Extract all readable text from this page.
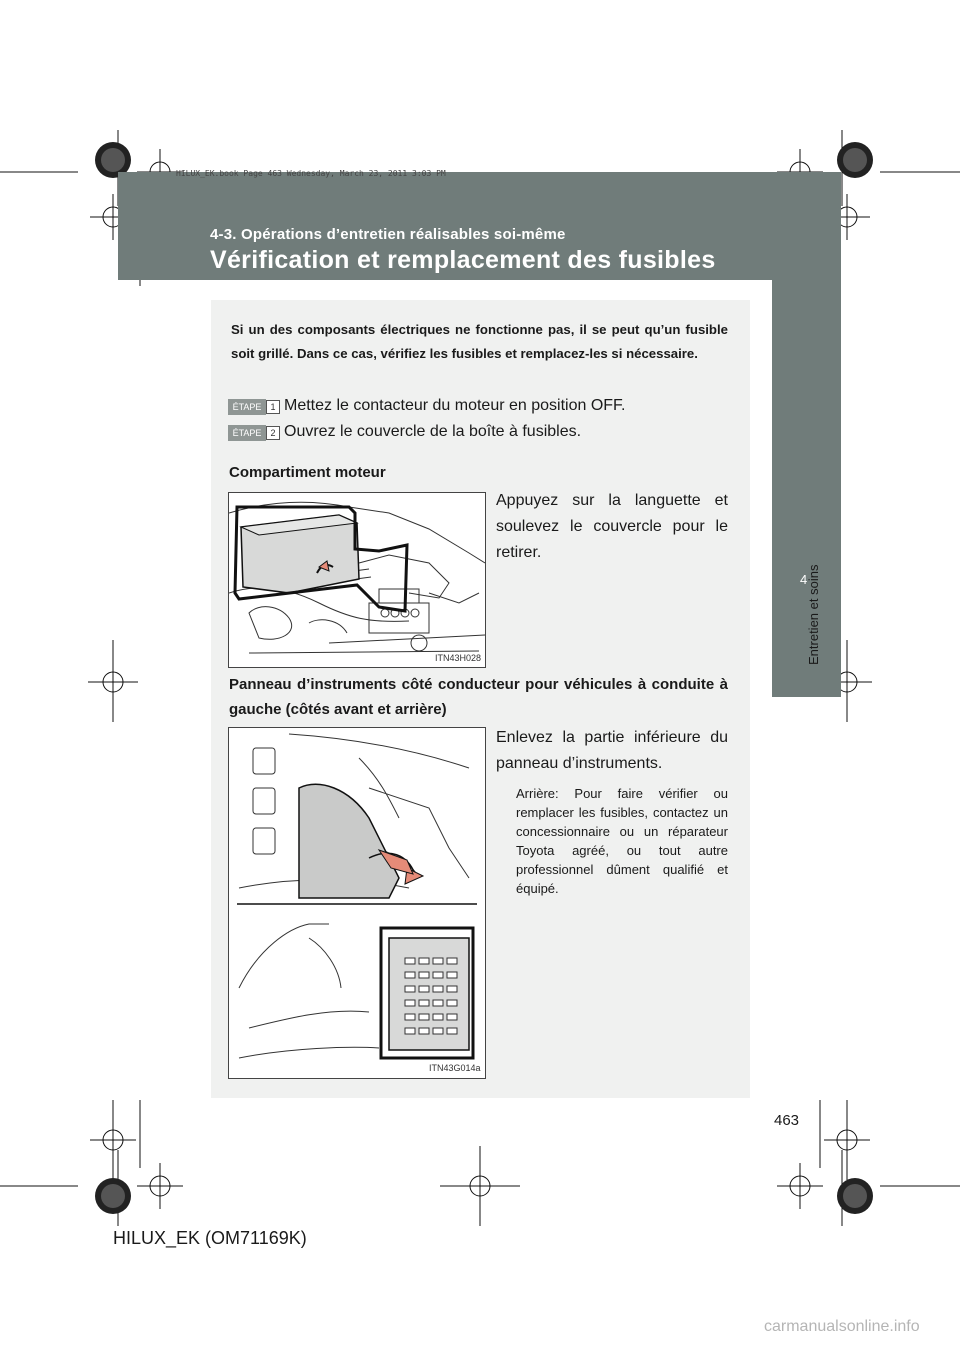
HILUX_EK.book Page 463 Wednesday, March 23, 2011 3:03 PM
4-3. Opérations d’entretien réalisables soi-même
Vérification et remplacement des fusibles
4
Entretien et soins
Si un des composants électriques ne fonctionne pas, il se peut qu’un fusible soit grillé. Dans ce cas, vérifiez les fusibles et remplacez-les si nécessaire.
ÉTAPE	1 Mettez le contacteur du moteur en position OFF.
ÉTAPE	2 Ouvrez le couvercle de la boîte à fusibles.
Compartiment moteur
Appuyez sur la languette et soulevez le couvercle pour le retirer.
ITN43H028
Panneau d’instruments côté conducteur pour véhicules à conduite à gauche (côtés avant et arrière)
Enlevez la partie inférieure du panneau d’instruments.
Arrière: Pour faire vérifier ou remplacer les fusibles, contactez un concessionnaire ou un réparateur Toyota agréé, ou tout autre professionnel dûment qualifié et équipé.
ITN43G014a
463
HILUX_EK (OM71169K)
carmanualsonline.info
